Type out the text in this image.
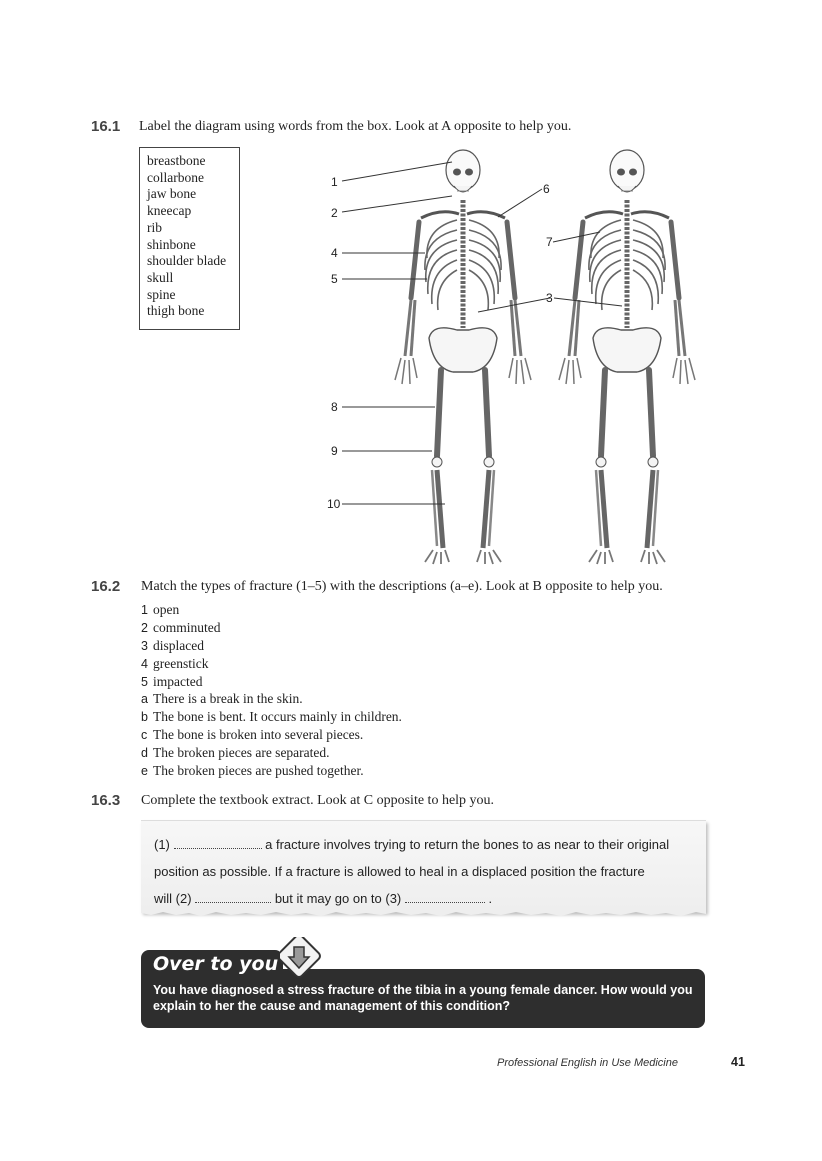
16.1 Label the diagram using words from the box. Look at A opposite to help you.
breastbone
collarbone
jaw bone
kneecap
rib
shinbone
shoulder blade
skull
spine
thigh bone
1
2
6
4
7
5
3
8
9
10
16.2 Match the types of fracture (1–5) with the descriptions (a–e). Look at B opposite to help you.
1 open
2 comminuted
3 displaced
4 greenstick
5 impacted
a There is a break in the skin.
b The bone is bent. It occurs mainly in children.
c The bone is broken into several pieces.
d The broken pieces are separated.
e The broken pieces are pushed together.
16.3 Complete the textbook extract. Look at C opposite to help you.
(1)	a fracture involves trying to return the bones to as near to their original
position as possible. If a fracture is allowed to heal in a displaced position the fracture
will (2)	but it may go on to (3)	.
You have diagnosed a stress fracture of the tibia in a young female dancer. How would you
explain to her the cause and management of this condition?
Over to you
Professional English in Use Medicine	41
